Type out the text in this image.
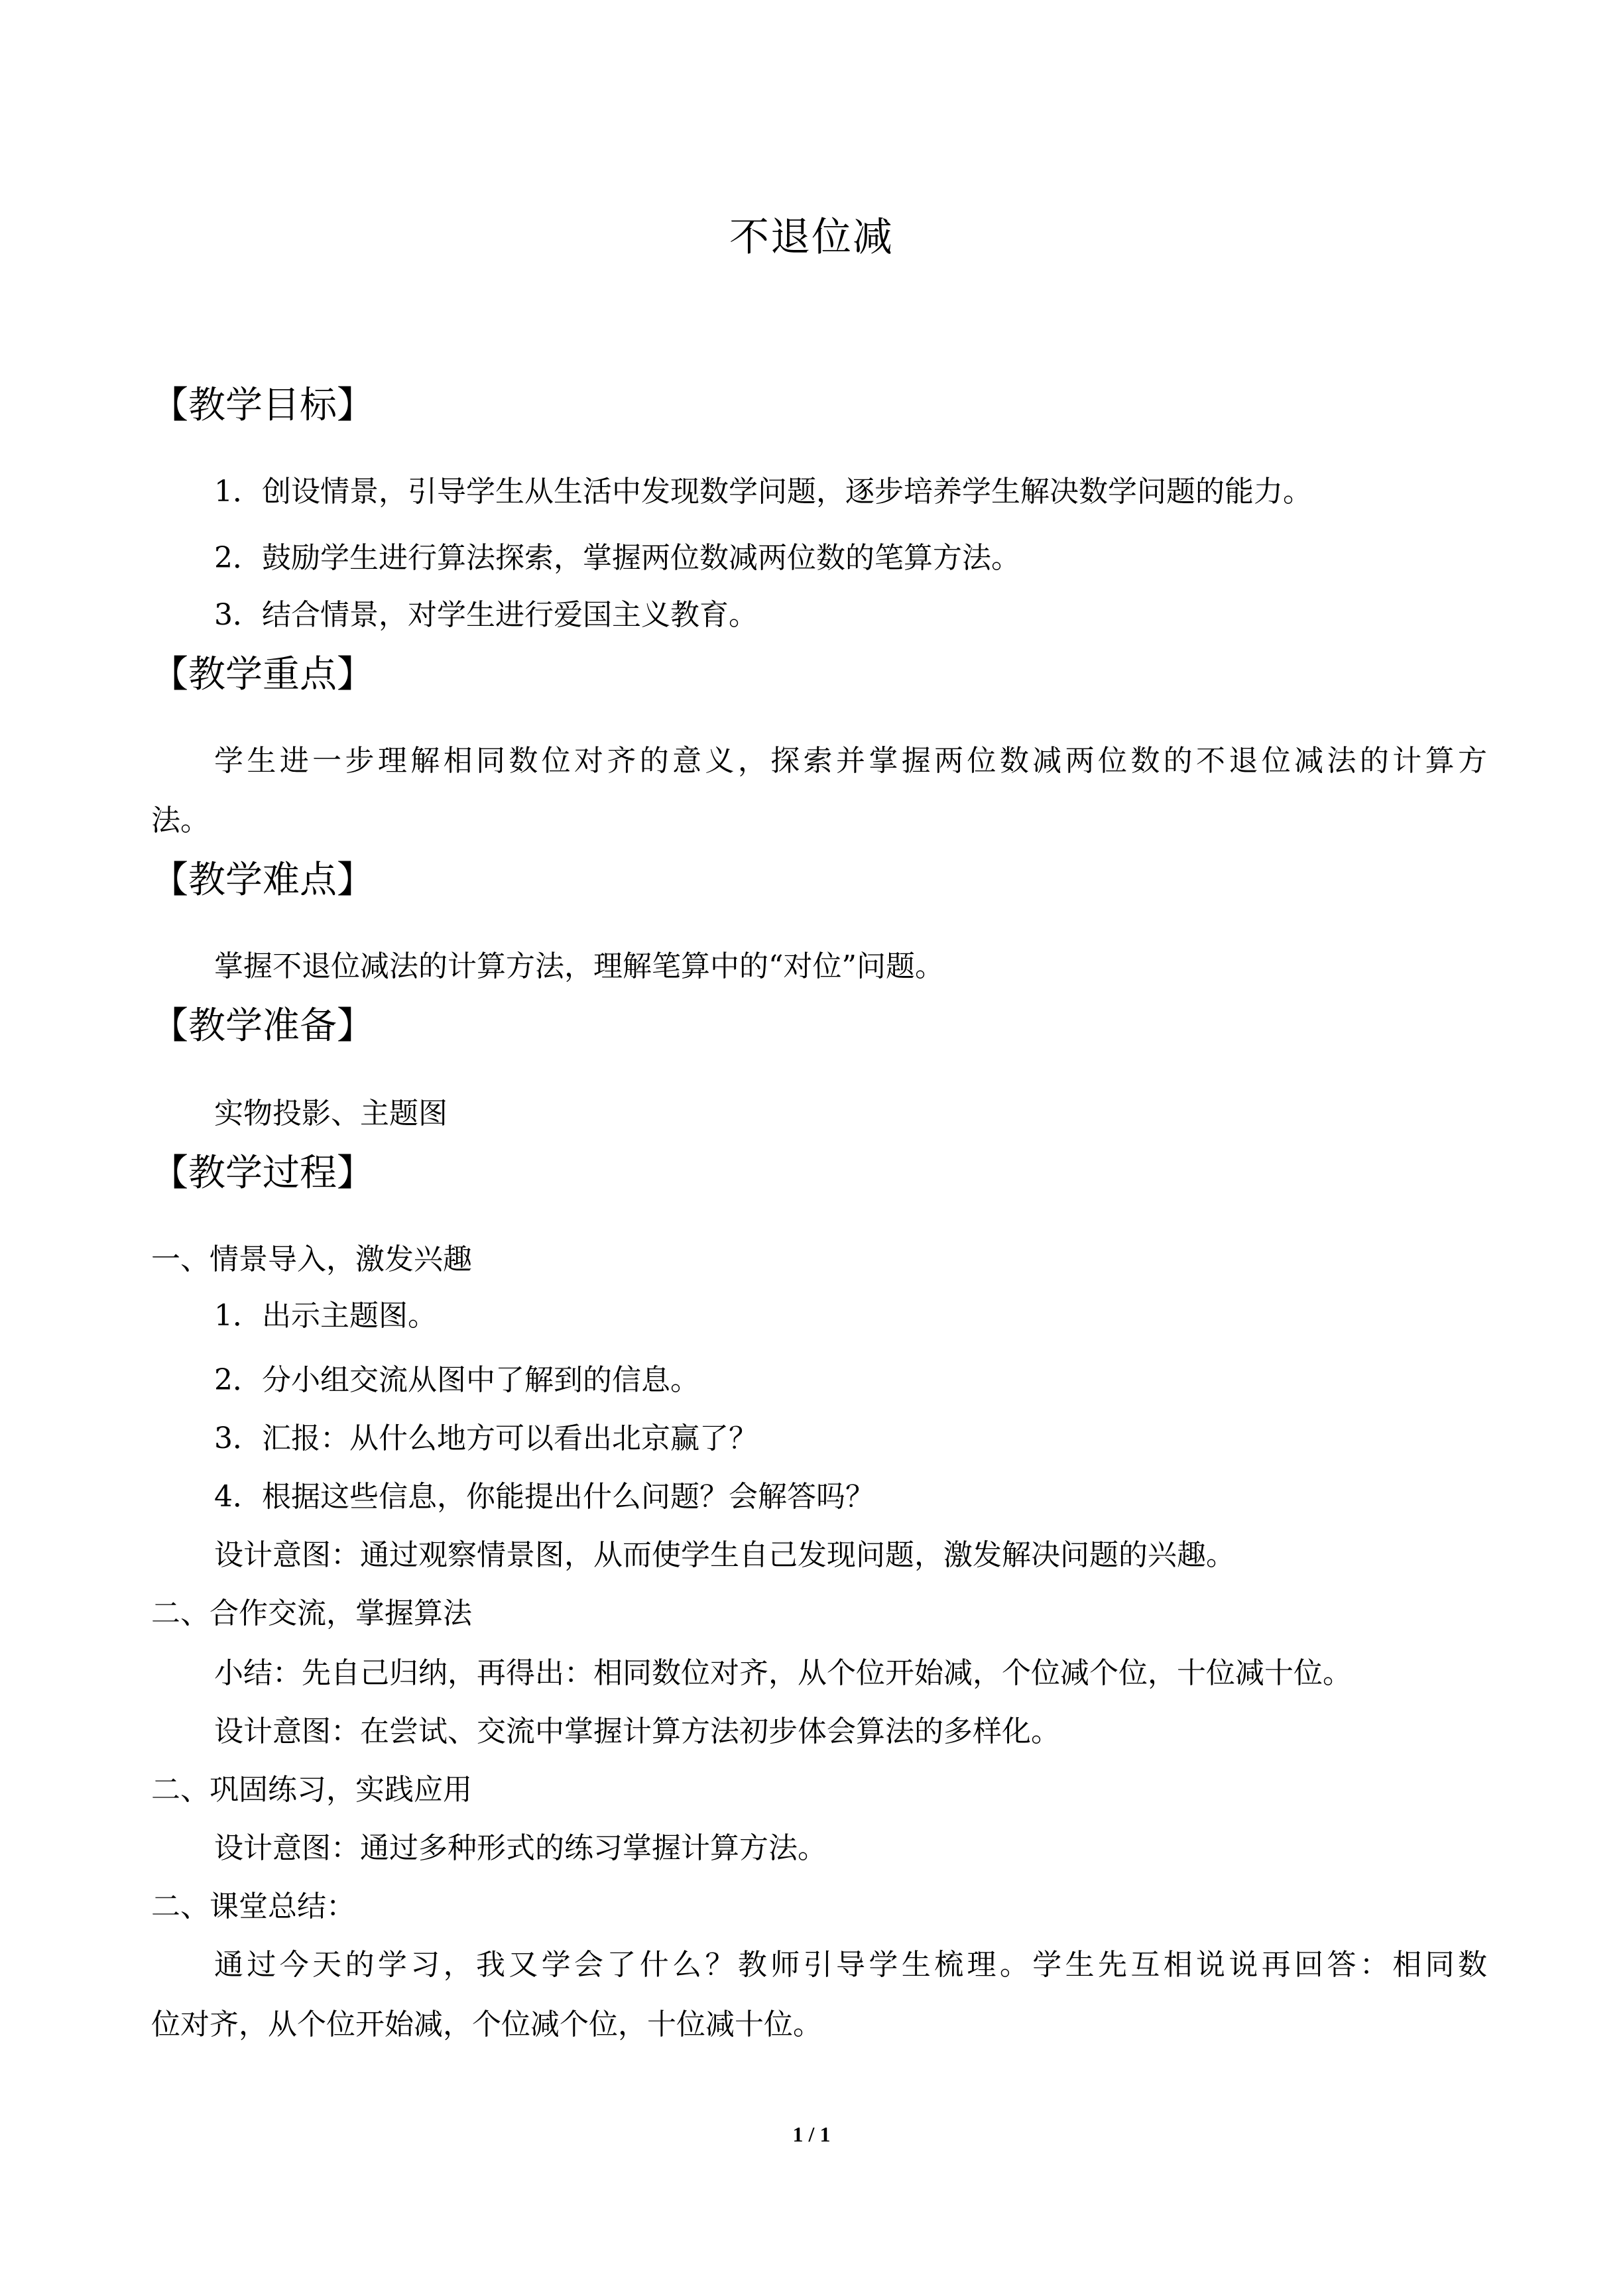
不退位减
【教学目标】
1．创设情景，引导学生从生活中发现数学问题，逐步培养学生解决数学问题的能力。
2．鼓励学生进行算法探索，掌握两位数减两位数的笔算方法。
3．结合情景，对学生进行爱国主义教育。
【教学重点】
学生进一步理解相同数位对齐的意义，探索并掌握两位数减两位数的不退位减法的计算方
法。
【教学难点】
掌握不退位减法的计算方法，理解笔算中的“对位”问题。
【教学准备】
实物投影、主题图
【教学过程】
一、情景导入，激发兴趣
1．出示主题图。
2．分小组交流从图中了解到的信息。
3．汇报：从什么地方可以看出北京赢了？
4．根据这些信息，你能提出什么问题？会解答吗？
设计意图：通过观察情景图，从而使学生自己发现问题，激发解决问题的兴趣。
二、合作交流，掌握算法
小结：先自己归纳，再得出：相同数位对齐，从个位开始减，个位减个位，十位减十位。
设计意图：在尝试、交流中掌握计算方法初步体会算法的多样化。
二、巩固练习，实践应用
设计意图：通过多种形式的练习掌握计算方法。
二、课堂总结：
通过今天的学习，我又学会了什么？教师引导学生梳理。学生先互相说说再回答：相同数
位对齐，从个位开始减，个位减个位，十位减十位。
1 / 1
